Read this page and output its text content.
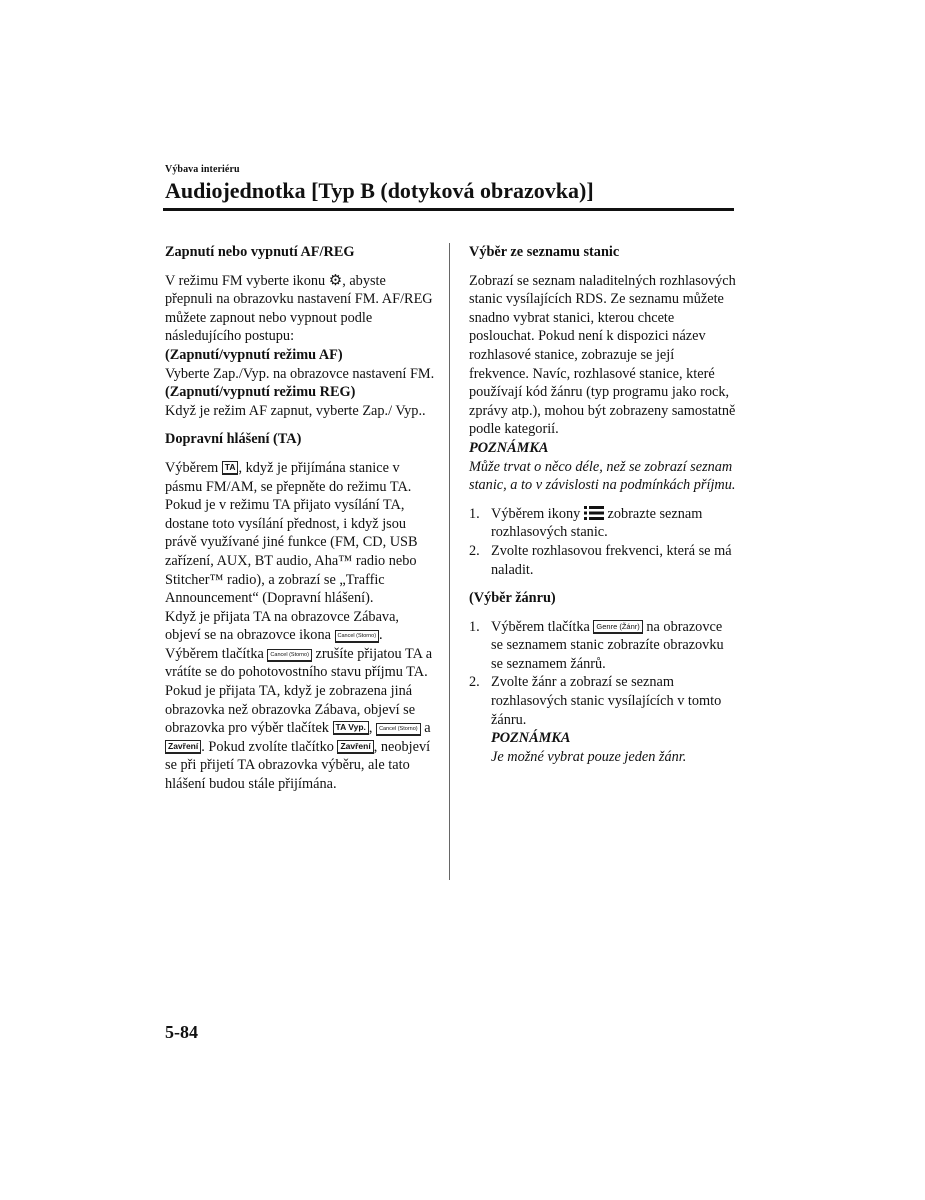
Výbava interiéru
Audiojednotka [Typ B (dotyková obrazovka)]

Zapnutí nebo vypnutí AF/REG

V režimu FM vyberte ikonu ⚙, abyste přepnuli na obrazovku nastavení FM. AF/REG můžete zapnout nebo vypnout podle následujícího postupu:

(Zapnutí/vypnutí režimu AF)

Vyberte Zap./Vyp. na obrazovce nastavení FM.

(Zapnutí/vypnutí režimu REG)

Když je režim AF zapnut, vyberte Zap./ Vyp..

Dopravní hlášení (TA)

Výběrem TA , když je přijímána stanice v pásmu FM/AM, se přepněte do režimu TA.

Pokud je v režimu TA přijato vysílání TA, dostane toto vysílání přednost, i když jsou právě využívané jiné funkce (FM, CD, USB zařízení, AUX, BT audio, Aha™ radio nebo Stitcher™ radio), a zobrazí se „Traffic Announcement“ (Dopravní hlášení).

Když je přijata TA na obrazovce Zábava, objeví se na obrazovce ikona Cancel (Storno) .

Výběrem tlačítka Cancel (Storno) zrušíte přijatou TA a vrátíte se do pohotovostního stavu příjmu TA. Pokud je přijata TA, když je zobrazena jiná obrazovka než obrazovka Zábava, objeví se obrazovka pro výběr tlačítek TA Vyp. , Cancel (Storno) a Zavření . Pokud zvolíte tlačítko Zavření , neobjeví se při přijetí TA obrazovka výběru, ale tato hlášení budou stále přijímána.

Výběr ze seznamu stanic

Zobrazí se seznam naladitelných rozhlasových stanic vysílajících RDS. Ze seznamu můžete snadno vybrat stanici, kterou chcete poslouchat. Pokud není k dispozici název rozhlasové stanice, zobrazuje se její frekvence. Navíc, rozhlasové stanice, které používají kód žánru (typ programu jako rock, zprávy atp.), mohou být zobrazeny samostatně podle kategorií.

POZNÁMKA

Může trvat o něco déle, než se zobrazí seznam stanic, a to v závislosti na podmínkách příjmu.

1. Výběrem ikony zobrazte seznam rozhlasových stanic.
2. Zvolte rozhlasovou frekvenci, která se má naladit.

(Výběr žánru)

1. Výběrem tlačítka Genre (Žánr) na obrazovce se seznamem stanic zobrazíte obrazovku se seznamem žánrů.
2. Zvolte žánr a zobrazí se seznam rozhlasových stanic vysílajících v tomto žánru.

POZNÁMKA

Je možné vybrat pouze jeden žánr.

5-84
